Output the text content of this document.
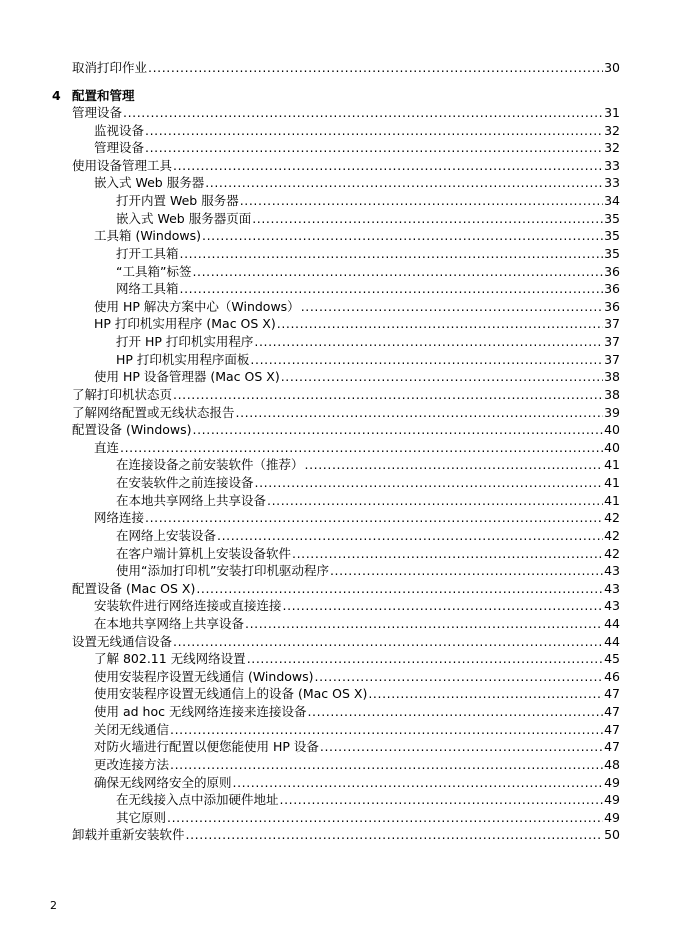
4 配置和管理
取消打印作业 .....	30
管理设备 .....	31
监视设备 .....	32
管理设备 .....	32
使用设备管理工具 .....	33
嵌入式 Web 服务器 .....	33
打开内置 Web 服务器 .....	34
嵌入式 Web 服务器页面 .....	35
工具箱 (Windows) .....	35
打开工具箱 .....	35
“工具箱”标签 .....	36
网络工具箱 .....	36
使用 HP 解决方案中心（Windows） .....	36
HP 打印机实用程序 (Mac OS X) .....	37
打开 HP 打印机实用程序 .....	37
HP 打印机实用程序面板 .....	37
使用 HP 设备管理器 (Mac OS X) .....	38
了解打印机状态页 .....	38
了解网络配置或无线状态报告 .....	39
配置设备 (Windows) .....	40
直连 .....	40
在连接设备之前安装软件（推荐） .....	41
在安装软件之前连接设备 .....	41
在本地共享网络上共享设备 .....	41
网络连接 .....	42
在网络上安装设备 .....	42
在客户端计算机上安装设备软件 .....	42
使用“添加打印机”安装打印机驱动程序 .....	43
配置设备 (Mac OS X) .....	43
安装软件进行网络连接或直接连接 .....	43
在本地共享网络上共享设备 .....	44
设置无线通信设备 .....	44
了解 802.11 无线网络设置 .....	45
使用安装程序设置无线通信 (Windows) .....	46
使用安装程序设置无线通信上的设备 (Mac OS X) .....	47
使用 ad hoc 无线网络连接来连接设备 .....	47
关闭无线通信 .....	47
对防火墙进行配置以便您能使用 HP 设备 .....	47
更改连接方法 .....	48
确保无线网络安全的原则 .....	49
在无线接入点中添加硬件地址 .....	49
其它原则 .....	49
卸载并重新安装软件 .....	50
2
